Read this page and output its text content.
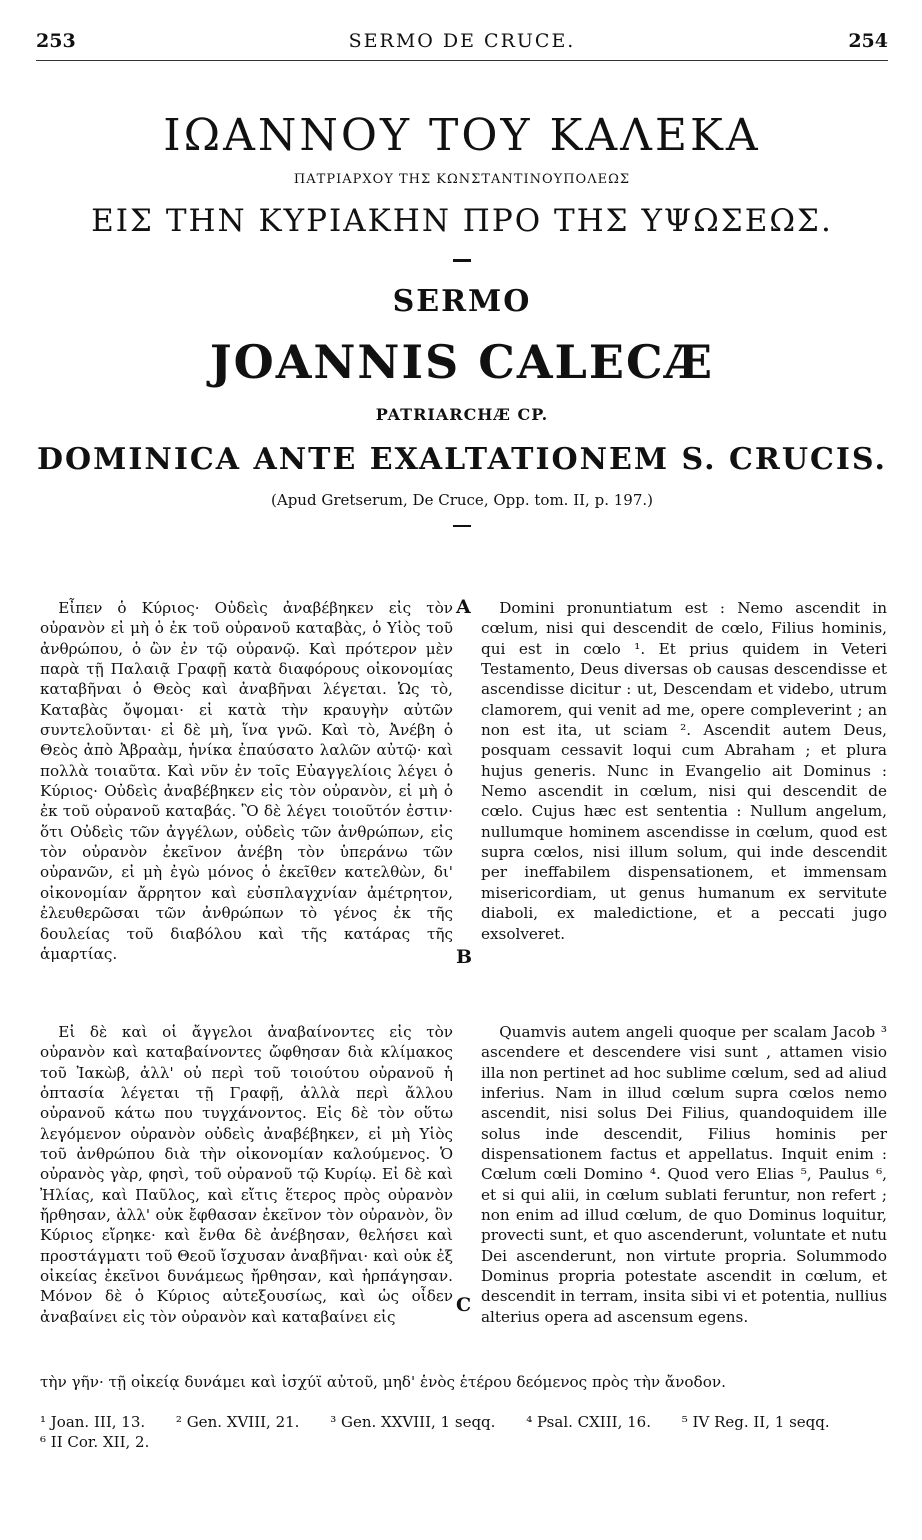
253	SERMO DE CRUCE.	254
ΙΩΑΝΝΟΥ ΤΟΥ ΚΑΛΕΚΑ
ΠΑΤΡΙΑΡΧΟΥ ΤΗΣ ΚΩΝΣΤΑΝΤΙΝΟΥΠΟΛΕΩΣ
ΕΙΣ ΤΗΝ ΚΥΡΙΑΚΗΝ ΠΡΟ ΤΗΣ ΥΨΩΣΕΩΣ.
SERMO
JOANNIS CALECÆ
PATRIARCHÆ CP.
DOMINICA ANTE EXALTATIONEM S. CRUCIS.
(Apud Gretserum, De Cruce, Opp. tom. II, p. 197.)

Εἶπεν ὁ Κύριος· Οὐδεὶς ἀναβέβηκεν εἰς τὸν οὐρανὸν εἰ μὴ ὁ ἐκ τοῦ οὐρανοῦ καταβὰς, ὁ Υἱὸς τοῦ ἀνθρώπου, ὁ ὢν ἐν τῷ οὐρανῷ. Καὶ πρότερον μὲν παρὰ τῇ Παλαιᾷ Γραφῇ κατὰ διαφόρους οἰκονομίας καταβῆναι ὁ Θεὸς καὶ ἀναβῆναι λέγεται. Ὡς τὸ, Καταβὰς ὄψομαι· εἰ κατὰ τὴν κραυγὴν αὐτῶν συντελοῦνται· εἰ δὲ μὴ, ἵνα γνῶ. Καὶ τὸ, Ἀνέβη ὁ Θεὸς ἀπὸ Ἀβραὰμ, ἡνίκα ἐπαύσατο λαλῶν αὐτῷ· καὶ πολλὰ τοιαῦτα. Καὶ νῦν ἐν τοῖς Εὐαγγελίοις λέγει ὁ Κύριος· Οὐδεὶς ἀναβέβηκεν εἰς τὸν οὐρανὸν, εἰ μὴ ὁ ἐκ τοῦ οὐρανοῦ καταβάς. Ὃ δὲ λέγει τοιοῦτόν ἐστιν· ὅτι Οὐδεὶς τῶν ἀγγέλων, οὐδεὶς τῶν ἀνθρώπων, εἰς τὸν οὐρανὸν ἐκεῖνον ἀνέβη τὸν ὑπεράνω τῶν οὐρανῶν, εἰ μὴ ἐγὼ μόνος ὁ ἐκεῖθεν κατελθὼν, δι' οἰκονομίαν ἄρρητον καὶ εὐσπλαγχνίαν ἀμέτρητον, ἐλευθερῶσαι τῶν ἀνθρώπων τὸ γένος ἐκ τῆς δουλείας τοῦ διαβόλου καὶ τῆς κατάρας τῆς ἁμαρτίας.

Εἰ δὲ καὶ οἱ ἄγγελοι ἀναβαίνοντες εἰς τὸν οὐρανὸν καὶ καταβαίνοντες ὤφθησαν διὰ κλίμακος τοῦ Ἰακὼβ, ἀλλ' οὐ περὶ τοῦ τοιούτου οὐρανοῦ ἡ ὀπτασία λέγεται τῇ Γραφῇ, ἀλλὰ περὶ ἄλλου οὐρανοῦ κάτω που τυγχάνοντος. Εἰς δὲ τὸν οὕτω λεγόμενον οὐρανὸν οὐδεὶς ἀναβέβηκεν, εἰ μὴ Υἱὸς τοῦ ἀνθρώπου διὰ τὴν οἰκονομίαν καλούμενος. Ὁ οὐρανὸς γὰρ, φησὶ, τοῦ οὐρανοῦ τῷ Κυρίῳ. Εἰ δὲ καὶ Ἠλίας, καὶ Παῦλος, καὶ εἴτις ἕτερος πρὸς οὐρανὸν ἤρθησαν, ἀλλ' οὐκ ἔφθασαν ἐκεῖνον τὸν οὐρανὸν, ὃν Κύριος εἴρηκε· καὶ ἔνθα δὲ ἀνέβησαν, θελήσει καὶ προστάγματι τοῦ Θεοῦ ἴσχυσαν ἀναβῆναι· καὶ οὐκ ἐξ οἰκείας ἐκεῖνοι δυνάμεως ἤρθησαν, καὶ ἡρπάγησαν. Μόνον δὲ ὁ Κύριος αὐτεξουσίως, καὶ ὡς οἶδεν ἀναβαίνει εἰς τὸν οὐρανὸν καὶ καταβαίνει εἰς

Domini pronuntiatum est : Nemo ascendit in cœlum, nisi qui descendit de cœlo, Filius hominis, qui est in cœlo ¹. Et prius quidem in Veteri Testamento, Deus diversas ob causas descendisse et ascendisse dicitur : ut, Descendam et videbo, utrum clamorem, qui venit ad me, opere compleverint ; an non est ita, ut sciam ². Ascendit autem Deus, posquam cessavit loqui cum Abraham ; et plura hujus generis. Nunc in Evangelio ait Dominus : Nemo ascendit in cœlum, nisi qui descendit de cœlo. Cujus hæc est sententia : Nullum angelum, nullumque hominem ascendisse in cœlum, quod est supra cœlos, nisi illum solum, qui inde descendit per ineffabilem dispensationem, et immensam misericordiam, ut genus humanum ex servitute diaboli, ex maledictione, et a peccati jugo exsolveret.

Quamvis autem angeli quoque per scalam Jacob ³ ascendere et descendere visi sunt , attamen visio illa non pertinet ad hoc sublime cœlum, sed ad aliud inferius. Nam in illud cœlum supra cœlos nemo ascendit, nisi solus Dei Filius, quandoquidem ille solus inde descendit, Filius hominis per dispensationem factus et appellatus. Inquit enim : Cœlum cœli Domino ⁴. Quod vero Elias ⁵, Paulus ⁶, et si qui alii, in cœlum sublati feruntur, non refert ; non enim ad illud cœlum, de quo Dominus loquitur, provecti sunt, et quo ascenderunt, voluntate et nutu Dei ascenderunt, non virtute propria. Solummodo Dominus propria potestate ascendit in cœlum, et descendit in terram, insita sibi vi et potentia, nullius alterius opera ad ascensum egens.

A
B
C
τὴν γῆν· τῇ οἰκείᾳ δυνάμει καὶ ἰσχύϊ αὐτοῦ, μηδ' ἑνὸς ἑτέρου δεόμενος πρὸς τὴν ἄνοδον.
¹ Joan. III, 13. ² Gen. XVIII, 21. ³ Gen. XXVIII, 1 seqq. ⁴ Psal. CXIII, 16. ⁵ IV Reg. II, 1 seqq.
⁶ II Cor. XII, 2.
